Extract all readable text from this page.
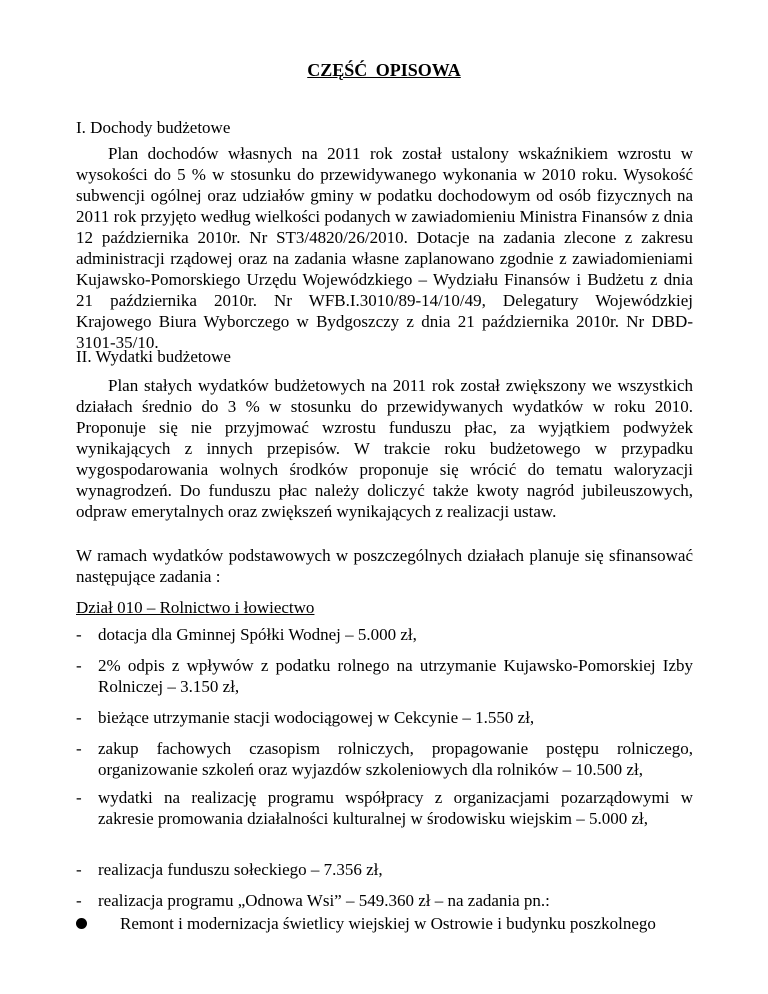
CZĘŚĆ OPISOWA
I. Dochody budżetowe
Plan dochodów własnych na 2011 rok został ustalony wskaźnikiem wzrostu w wysokości do 5 % w stosunku do przewidywanego wykonania w 2010 roku. Wysokość subwencji ogólnej oraz udziałów gminy w podatku dochodowym od osób fizycznych na 2011 rok przyjęto według wielkości podanych w zawiadomieniu Ministra Finansów z dnia 12 października 2010r. Nr ST3/4820/26/2010. Dotacje na zadania zlecone z zakresu administracji rządowej oraz na zadania własne zaplanowano zgodnie z zawiadomieniami Kujawsko-Pomorskiego Urzędu Wojewódzkiego – Wydziału Finansów i Budżetu z dnia 21 października 2010r. Nr WFB.I.3010/89-14/10/49, Delegatury Wojewódzkiej Krajowego Biura Wyborczego w Bydgoszczy z dnia 21 października 2010r. Nr DBD-3101-35/10.
II. Wydatki budżetowe
Plan stałych wydatków budżetowych na 2011 rok został zwiększony we wszystkich działach średnio do 3 % w stosunku do przewidywanych wydatków w roku 2010. Proponuje się nie przyjmować wzrostu funduszu płac, za wyjątkiem podwyżek wynikających z innych przepisów. W trakcie roku budżetowego w przypadku wygospodarowania wolnych środków proponuje się wrócić do tematu waloryzacji wynagrodzeń. Do funduszu płac należy doliczyć także kwoty nagród jubileuszowych, odpraw emerytalnych oraz zwiększeń wynikających z realizacji ustaw.
W ramach wydatków podstawowych w poszczególnych działach planuje się sfinansować następujące zadania :
Dział 010 – Rolnictwo i łowiectwo
- dotacja dla Gminnej Spółki Wodnej – 5.000 zł,
- 2% odpis z wpływów z podatku rolnego na utrzymanie Kujawsko-Pomorskiej Izby Rolniczej – 3.150 zł,
- bieżące utrzymanie stacji wodociągowej w Cekcynie – 1.550 zł,
- zakup fachowych czasopism rolniczych, propagowanie postępu rolniczego, organizowanie szkoleń oraz wyjazdów szkoleniowych dla rolników – 10.500 zł,
- wydatki na realizację programu współpracy z organizacjami pozarządowymi w zakresie promowania działalności kulturalnej w środowisku wiejskim – 5.000 zł,
- realizacja funduszu sołeckiego – 7.356 zł,
- realizacja programu „Odnowa Wsi” – 549.360 zł – na zadania pn.:
Remont i modernizacja świetlicy wiejskiej w Ostrowie i budynku poszkolnego
